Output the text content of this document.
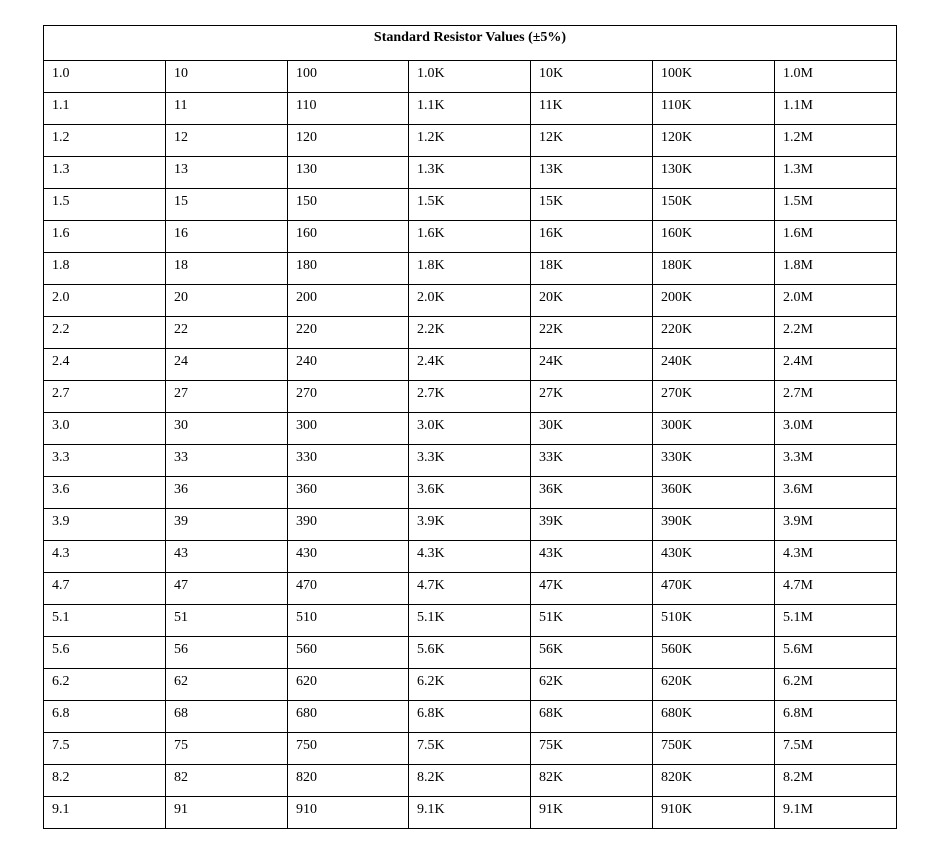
Standard Resistor Values (±5%)						
1.0	10	100	1.0K	10K	100K	1.0M
1.1	11	110	1.1K	11K	110K	1.1M
1.2	12	120	1.2K	12K	120K	1.2M
1.3	13	130	1.3K	13K	130K	1.3M
1.5	15	150	1.5K	15K	150K	1.5M
1.6	16	160	1.6K	16K	160K	1.6M
1.8	18	180	1.8K	18K	180K	1.8M
2.0	20	200	2.0K	20K	200K	2.0M
2.2	22	220	2.2K	22K	220K	2.2M
2.4	24	240	2.4K	24K	240K	2.4M
2.7	27	270	2.7K	27K	270K	2.7M
3.0	30	300	3.0K	30K	300K	3.0M
3.3	33	330	3.3K	33K	330K	3.3M
3.6	36	360	3.6K	36K	360K	3.6M
3.9	39	390	3.9K	39K	390K	3.9M
4.3	43	430	4.3K	43K	430K	4.3M
4.7	47	470	4.7K	47K	470K	4.7M
5.1	51	510	5.1K	51K	510K	5.1M
5.6	56	560	5.6K	56K	560K	5.6M
6.2	62	620	6.2K	62K	620K	6.2M
6.8	68	680	6.8K	68K	680K	6.8M
7.5	75	750	7.5K	75K	750K	7.5M
8.2	82	820	8.2K	82K	820K	8.2M
9.1	91	910	9.1K	91K	910K	9.1M
